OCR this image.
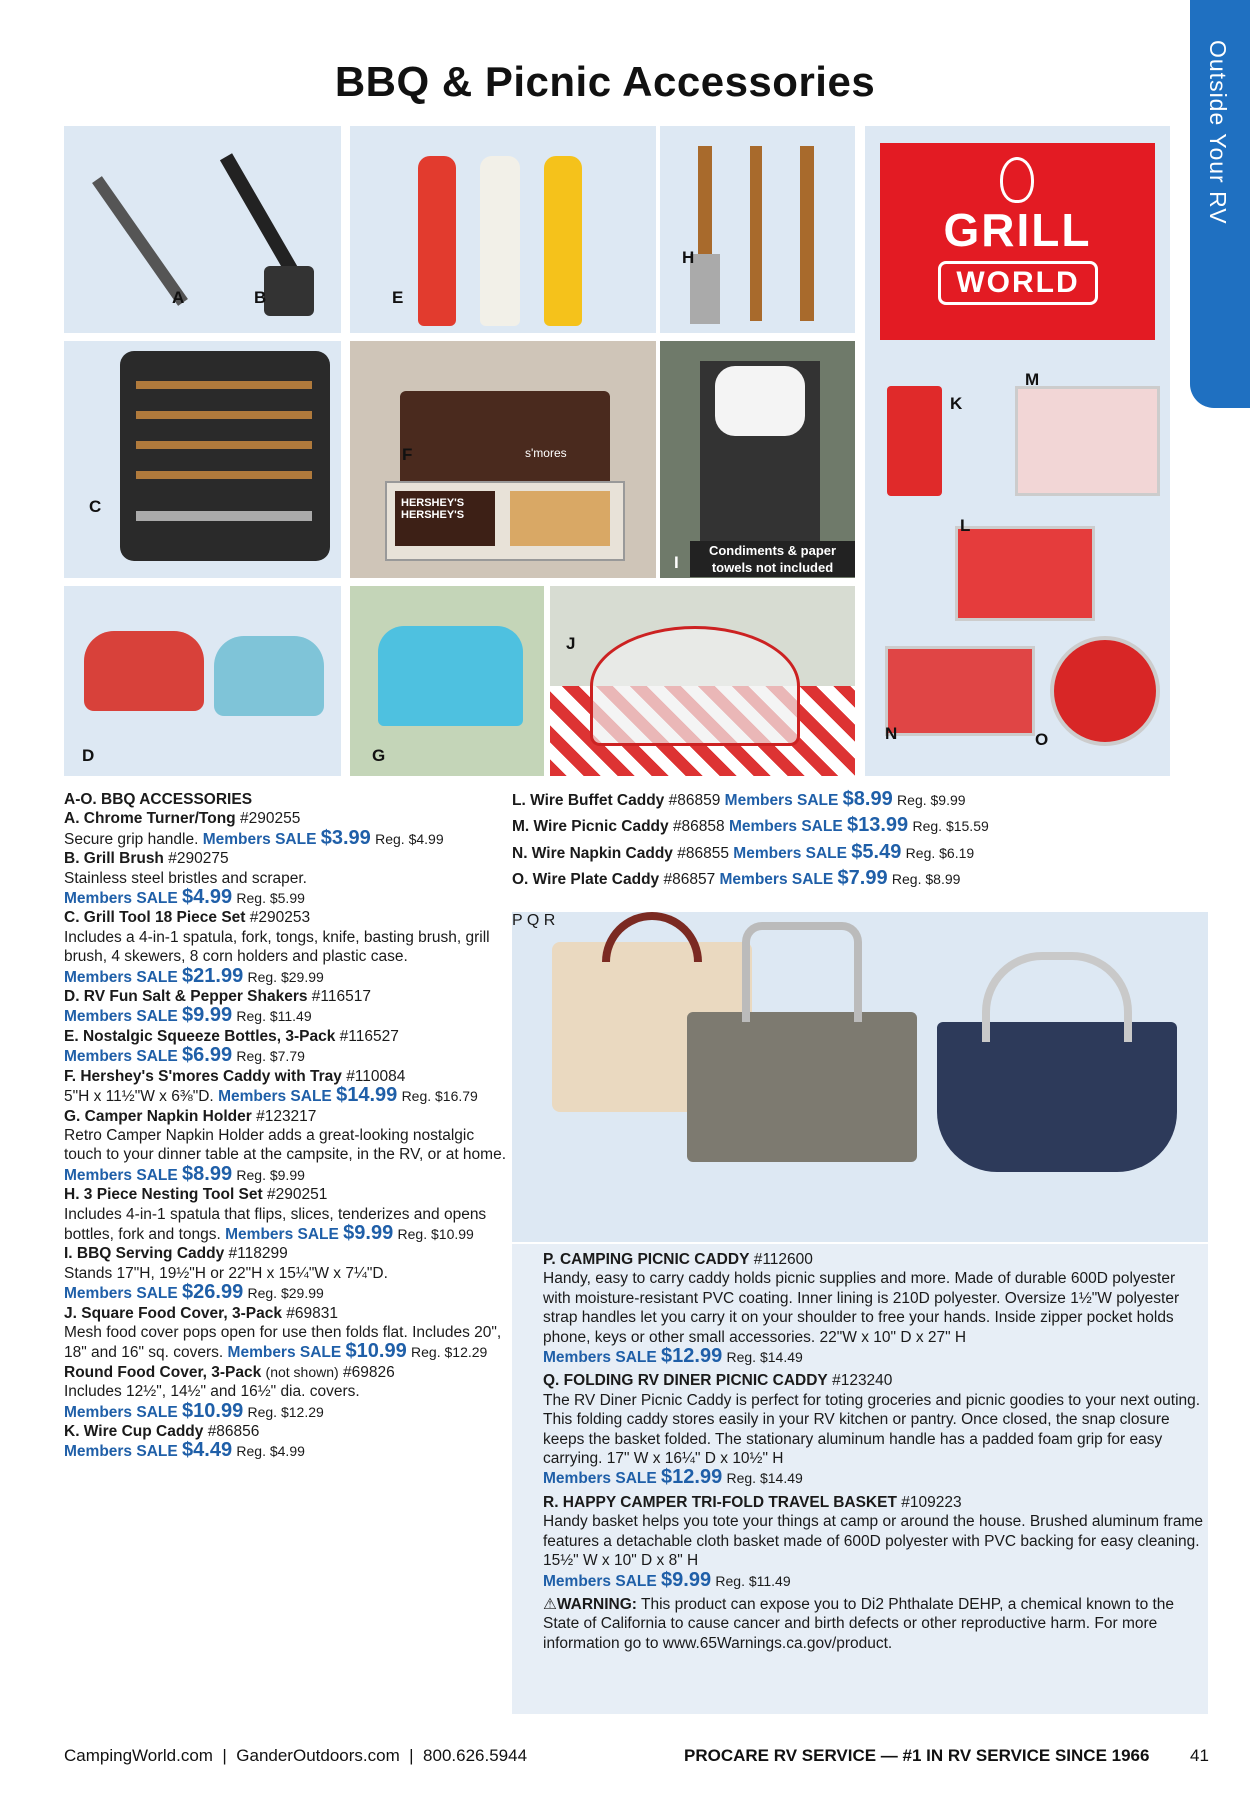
Outside Your RV
BBQ & Picnic Accessories
A	B	E
H
GRILL
WORLD
C	HERSHEY'S
HERSHEY'S
s'mores
F
Condiments & paper
towels not included
I
K
L
M
N	O
D	G
J
A-O. BBQ ACCESSORIES
A. Chrome Turner/Tong #290255
Secure grip handle. Members SALE $3.99 Reg. $4.99
B. Grill Brush #290275
Stainless steel bristles and scraper.
Members SALE $4.99 Reg. $5.99
C. Grill Tool 18 Piece Set #290253
Includes a 4-in-1 spatula, fork, tongs, knife, basting brush, grill brush, 4 skewers, 8 corn holders and plastic case.
Members SALE $21.99 Reg. $29.99
D. RV Fun Salt & Pepper Shakers #116517
Members SALE $9.99 Reg. $11.49
E. Nostalgic Squeeze Bottles, 3-Pack #116527
Members SALE $6.99 Reg. $7.79
F. Hershey's S'mores Caddy with Tray #110084
5"H x 11½"W x 6⅜"D. Members SALE $14.99 Reg. $16.79
G. Camper Napkin Holder #123217
Retro Camper Napkin Holder adds a great-looking nostalgic touch to your dinner table at the campsite, in the RV, or at home.
Members SALE $8.99 Reg. $9.99
H. 3 Piece Nesting Tool Set #290251
Includes 4-in-1 spatula that flips, slices, tenderizes and opens bottles, fork and tongs. Members SALE $9.99 Reg. $10.99
I. BBQ Serving Caddy #118299
Stands 17"H, 19½"H or 22"H x 15¼"W x 7¼"D.
Members SALE $26.99 Reg. $29.99
J. Square Food Cover, 3-Pack #69831
Mesh food cover pops open for use then folds flat. Includes 20", 18" and 16" sq. covers. Members SALE $10.99 Reg. $12.29
Round Food Cover, 3-Pack (not shown) #69826
Includes 12½", 14½" and 16½" dia. covers.
Members SALE $10.99 Reg. $12.29
K. Wire Cup Caddy #86856
Members SALE $4.49 Reg. $4.99
L. Wire Buffet Caddy #86859 Members SALE $8.99 Reg. $9.99
M. Wire Picnic Caddy #86858 Members SALE $13.99 Reg. $15.59
N. Wire Napkin Caddy #86855 Members SALE $5.49 Reg. $6.19
O. Wire Plate Caddy #86857 Members SALE $7.99 Reg. $8.99
P Q R
P. CAMPING PICNIC CADDY #112600
Handy, easy to carry caddy holds picnic supplies and more. Made of durable 600D polyester with moisture-resistant PVC coating. Inner lining is 210D polyester. Oversize 1½"W polyester strap handles let you carry it on your shoulder to free your hands. Inside zipper pocket holds phone, keys or other small accessories. 22"W x 10" D x 27" H
Members SALE $12.99 Reg. $14.49
Q. FOLDING RV DINER PICNIC CADDY #123240
The RV Diner Picnic Caddy is perfect for toting groceries and picnic goodies to your next outing. This folding caddy stores easily in your RV kitchen or pantry. Once closed, the snap closure keeps the basket folded. The stationary aluminum handle has a padded foam grip for easy carrying. 17" W x 16¼" D x 10½" H
Members SALE $12.99 Reg. $14.49
R. HAPPY CAMPER TRI-FOLD TRAVEL BASKET #109223
Handy basket helps you tote your things at camp or around the house. Brushed aluminum frame features a detachable cloth basket made of 600D polyester with PVC backing for easy cleaning. 15½" W x 10" D x 8" H
Members SALE $9.99 Reg. $11.49
⚠WARNING: This product can expose you to Di2 Phthalate DEHP, a chemical known to the State of California to cause cancer and birth defects or other reproductive harm. For more information go to www.65Warnings.ca.gov/product.
CampingWorld.com  |  GanderOutdoors.com  |  800.626.5944	PROCARE RV SERVICE — #1 IN RV SERVICE SINCE 1966 41
